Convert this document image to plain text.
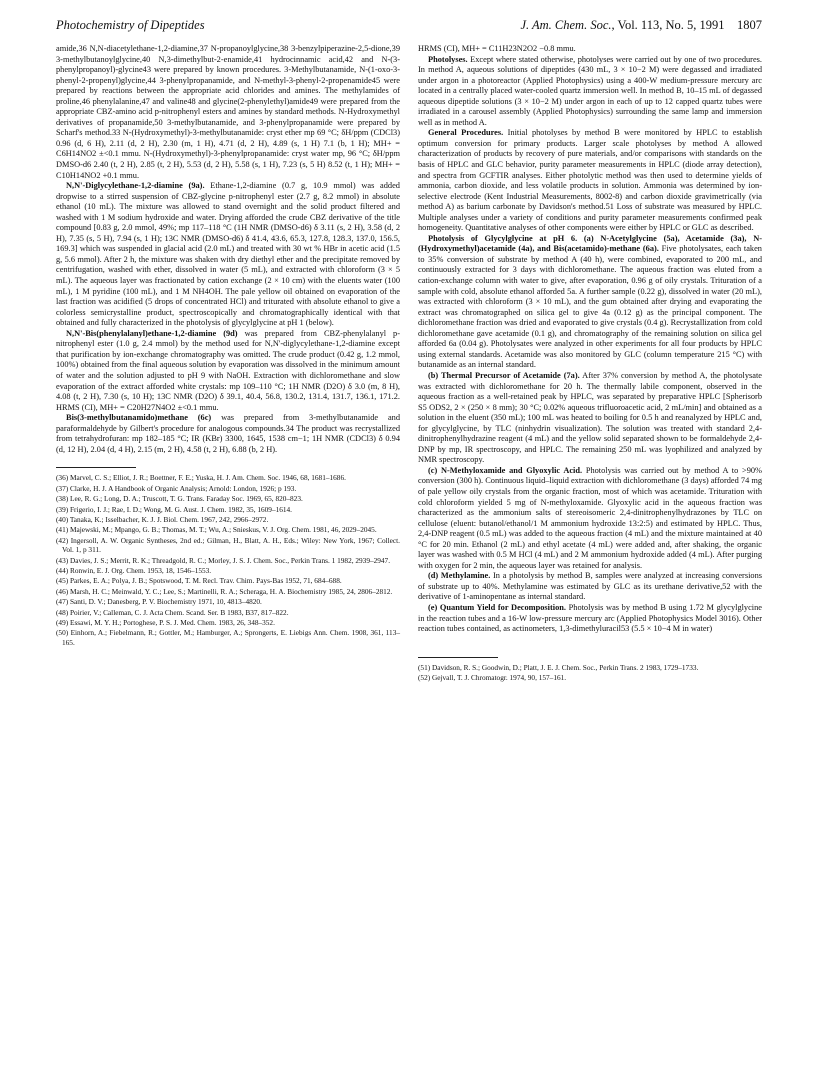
Photochemistry of Dipeptides	J. Am. Chem. Soc., Vol. 113, No. 5, 1991 1807

amide,36 N,N-diacetylethane-1,2-diamine,37 N-propanoylglycine,38 3-benzylpiperazine-2,5-dione,39 3-methylbutanoylglycine,40 N,3-dimethylbut-2-enamide,41 hydrocinnamic acid,42 and N-(3-phenylpropanoyl)-glycine43 were prepared by known procedures. 3-Methylbutanamide, N-(1-oxo-3-phenyl-2-propenyl)glycine,44 3-phenylpropanamide, and N-methyl-3-phenyl-2-propenamide45 were prepared by reactions between the appropriate acid chlorides and amines. The methylamides of proline,46 phenylalanine,47 and valine48 and glycine(2-phenylethyl)amide49 were prepared from the appropriate CBZ-amino acid p-nitrophenyl esters and amines by standard methods. N-Hydroxymethyl derivatives of propanamide,50 3-methylbutanamide, and 3-phenylpropanamide were prepared by Scharf's method.33 N-(Hydroxymethyl)-3-methylbutanamide: cryst ether mp 69 °C; δH/ppm (CDCl3) 0.96 (d, 6 H), 2.11 (d, 2 H), 2.30 (m, 1 H), 4.71 (d, 2 H), 4.89 (s, 1 H) 7.1 (b, 1 H); MH+ = C6H14NO2 ±<0.1 mmu. N-(Hydroxymethyl)-3-phenylpropanamide: cryst water mp, 96 °C; δH/ppm DMSO-d6 2.40 (t, 2 H), 2.85 (t, 2 H), 5.53 (d, 2 H), 5.58 (s, 1 H), 7.23 (s, 5 H) 8.52 (t, 1 H); MH+ = C10H14NO2 +0.1 mmu.

N,N'-Diglycylethane-1,2-diamine (9a). Ethane-1,2-diamine (0.7 g, 10.9 mmol) was added dropwise to a stirred suspension of CBZ-glycine p-nitrophenyl ester (2.7 g, 8.2 mmol) in absolute ethanol (10 mL). The mixture was allowed to stand overnight and the solid product filtered and washed with 1 M sodium hydroxide and water. Drying afforded the crude CBZ derivative of the title compound [0.83 g, 2.0 mmol, 49%; mp 117–118 °C (1H NMR (DMSO-d6) δ 3.11 (s, 2 H), 3.58 (d, 2 H), 7.35 (s, 5 H), 7.94 (s, 1 H); 13C NMR (DMSO-d6) δ 41.4, 43.6, 65.3, 127.8, 128.3, 137.0, 156.5, 169.3] which was suspended in glacial acid (2.0 mL) and treated with 30 wt % HBr in acetic acid (1.5 g, 5.6 mmol). After 2 h, the mixture was shaken with dry diethyl ether and the precipitate removed by centrifugation, washed with ether, dissolved in water (5 mL), and extracted with chloroform (3 × 5 mL). The aqueous layer was fractionated by cation exchange (2 × 10 cm) with the eluents water (100 mL), 1 M pyridine (100 mL), and 1 M NH4OH. The pale yellow oil obtained on evaporation of the last fraction was acidified (5 drops of concentrated HCl) and triturated with absolute ethanol to give a colorless semicrystalline product, spectroscopically and chromatographically identical with that obtained and fully characterized in the photolysis of glycylglycine at pH 1 (below).

N,N'-Bis(phenylalanyl)ethane-1,2-diamine (9d) was prepared from CBZ-phenylalanyl p-nitrophenyl ester (1.0 g, 2.4 mmol) by the method used for N,N'-diglycylethane-1,2-diamine except that purification by ion-exchange chromatography was omitted. The crude product (0.42 g, 1.2 mmol, 100%) obtained from the final aqueous solution by evaporation was dissolved in the minimum amount of water and the solution adjusted to pH 9 with NaOH. Extraction with dichloromethane and slow evaporation of the extract afforded white crystals: mp 109–110 °C; 1H NMR (D2O) δ 3.0 (m, 8 H), 4.08 (t, 2 H), 7.30 (s, 10 H); 13C NMR (D2O) δ 39.1, 40.4, 56.8, 130.2, 131.4, 131.7, 136.1, 171.2. HRMS (CI), MH+ = C20H27N4O2 ±<0.1 mmu.

Bis(3-methylbutanamido)methane (6c) was prepared from 3-methylbutanamide and paraformaldehyde by Gilbert's procedure for analogous compounds.34 The product was recrystallized from tetrahydrofuran: mp 182–185 °C; IR (KBr) 3300, 1645, 1538 cm−1; 1H NMR (CDCl3) δ 0.94 (d, 12 H), 2.04 (d, 4 H), 2.15 (m, 2 H), 4.58 (t, 2 H), 6.88 (b, 2 H).

(36) Marvel, C. S.; Elliot, J. R.; Boettner, F. E.; Yuska, H. J. Am. Chem. Soc. 1946, 68, 1681–1686.
(37) Clarke, H. J. A Handbook of Organic Analysis; Arnold: London, 1926; p 193.
(38) Lee, R. G.; Long, D. A.; Truscott, T. G. Trans. Faraday Soc. 1969, 65, 820–823.
(39) Frigerio, I. J.; Rae, I. D.; Wong, M. G. Aust. J. Chem. 1982, 35, 1609–1614.
(40) Tanaka, K.; Isselbacher, K. J. J. Biol. Chem. 1967, 242, 2966–2972.
(41) Majewski, M.; Mpango, G. B.; Thomas, M. T.; Wu, A.; Snieskus, V. J. Org. Chem. 1981, 46, 2029–2045.
(42) Ingersoll, A. W. Organic Syntheses, 2nd ed.; Gilman, H., Blatt, A. H., Eds.; Wiley: New York, 1967; Collect. Vol. 1, p 311.
(43) Davies, J. S.; Merrit, R. K.; Threadgold, R. C.; Morley, J. S. J. Chem. Soc., Perkin Trans. 1 1982, 2939–2947.
(44) Ronwin, E. J. Org. Chem. 1953, 18, 1546–1553.
(45) Parkes, E. A.; Polya, J. B.; Spotswood, T. M. Recl. Trav. Chim. Pays-Bas 1952, 71, 684–688.
(46) Marsh, H. C.; Meinwald, Y. C.; Lee, S.; Martinelli, R. A.; Scheraga, H. A. Biochemistry 1985, 24, 2806–2812.
(47) Santi, D. V.; Danesberg, P. V. Biochemistry 1971, 10, 4813–4820.
(48) Poirier, V.; Calleman, C. J. Acta Chem. Scand. Ser. B 1983, B37, 817–822.
(49) Essawi, M. Y. H.; Portoghese, P. S. J. Med. Chem. 1983, 26, 348–352.
(50) Einhorn, A.; Fiebelmann, R.; Gottler, M.; Hamburger, A.; Sprongerts, E. Liebigs Ann. Chem. 1908, 361, 113–165.

HRMS (CI), MH+ = C11H23N2O2 −0.8 mmu.

Photolyses. Except where stated otherwise, photolyses were carried out by one of two procedures. In method A, aqueous solutions of dipeptides (430 mL, 3 × 10−2 M) were degassed and irradiated under argon in a photoreactor (Applied Photophysics) using a 400-W medium-pressure mercury arc located in a centrally placed water-cooled quartz immersion well. In method B, 10–15 mL of degassed aqueous dipeptide solutions (3 × 10−2 M) under argon in each of up to 12 capped quartz tubes were irradiated in a carousel assembly (Applied Photophysics) surrounding the same lamp and immersion well as in method A.

General Procedures. Initial photolyses by method B were monitored by HPLC to establish optimum conversion for primary products. Larger scale photolyses by method A allowed characterization of products by recovery of pure materials, and/or comparisons with standards on the basis of HPLC and GLC behavior, purity parameter measurements in HPLC (diode array detection), and spectra from GCFTIR analyses. Either photolytic method was then used to determine yields of ammonia, carbon dioxide, and less volatile products in solution. Ammonia was determined by ion-selective electrode (Kent Industrial Measurements, 8002-8) and carbon dioxide gravimetrically (via method A) as barium carbonate by Davidson's method.51 Loss of substrate was measured by HPLC. Multiple analyses under a variety of conditions and purity parameter measurements confirmed peak homogeneity. Quantitative analyses of other components were either by HPLC or GLC as described.

Photolysis of Glycylglycine at pH 6. (a) N-Acetylglycine (5a), Acetamide (3a), N-(Hydroxymethyl)acetamide (4a), and Bis(acetamido)-methane (6a). Five photolysates, each taken to 35% conversion of substrate by method A (40 h), were combined, evaporated to 200 mL, and continuously extracted for 3 days with dichloromethane. The aqueous fraction was eluted from a cation-exchange column with water to give, after evaporation, 0.96 g of oily crystals. Trituration of a sample with cold, absolute ethanol afforded 5a. A further sample (0.22 g), dissolved in water (20 mL), was extracted with chloroform (3 × 10 mL), and the gum obtained after drying and evaporating the extract was chromatographed on silica gel to give 4a (0.12 g) as the principal component. The dichloromethane fraction was dried and evaporated to give crystals (0.4 g). Recrystallization from cold dichloromethane gave acetamide (0.1 g), and chromatography of the remaining solution on silica gel afforded 6a (0.04 g). Photolysates were analyzed in other experiments for all four products by HPLC using external standards. Acetamide was also monitored by GLC (column temperature 215 °C) with butanamide as an internal standard.

(b) Thermal Precursor of Acetamide (7a). After 37% conversion by method A, the photolysate was extracted with dichloromethane for 20 h. The thermally labile component, observed in the aqueous fraction as a well-retained peak by HPLC, was separated by preparative HPLC [Spherisorb S5 ODS2, 2 × (250 × 8 mm); 30 °C; 0.02% aqueous trifluoroacetic acid, 2 mL/min] and obtained as a solution in the eluent (350 mL); 100 mL was heated to boiling for 0.5 h and reanalyzed by HPLC and, for glycylglycine, by TLC (ninhydrin visualization). The solution was treated with standard 2,4-dinitrophenylhydrazine reagent (4 mL) and the yellow solid separated shown to be formaldehyde 2,4-DNP by mp, IR spectroscopy, and HPLC. The remaining 250 mL was lyophilized and analyzed by NMR spectroscopy.

(c) N-Methyloxamide and Glyoxylic Acid. Photolysis was carried out by method A to >90% conversion (300 h). Continuous liquid–liquid extraction with dichloromethane (3 days) afforded 74 mg of pale yellow oily crystals from the organic fraction, most of which was acetamide. Trituration with cold chloroform yielded 5 mg of N-methyloxamide. Glyoxylic acid in the aqueous fraction was characterized as the ammonium salts of stereoisomeric 2,4-dinitrophenylhydrazones by TLC on cellulose (eluent: butanol/ethanol/1 M ammonium hydroxide 13:2:5) and estimated by HPLC. Thus, 2,4-DNP reagent (0.5 mL) was added to the aqueous fraction (4 mL) and the mixture maintained at 40 °C for 20 min. Ethanol (2 mL) and ethyl acetate (4 mL) were added and, after shaking, the organic layer was washed with 0.5 M HCl (4 mL) and 2 M ammonium hydroxide added (4 mL). After purging with oxygen for 2 min, the aqueous layer was retained for analysis.

(d) Methylamine. In a photolysis by method B, samples were analyzed at increasing conversions of substrate up to 40%. Methylamine was estimated by GLC as its urethane derivative,52 with the derivative of 1-aminopentane as internal standard.

(e) Quantum Yield for Decomposition. Photolysis was by method B using 1.72 M glycylglycine in the reaction tubes and a 16-W low-pressure mercury arc (Applied Photophysics Model 3016). Other reaction tubes contained, as actinometers, 1,3-dimethyluracil53 (5.5 × 10−4 M in water)

(51) Davidson, R. S.; Goodwin, D.; Platt, J. E. J. Chem. Soc., Perkin Trans. 2 1983, 1729–1733.
(52) Gejvall, T. J. Chromatogr. 1974, 90, 157–161.
